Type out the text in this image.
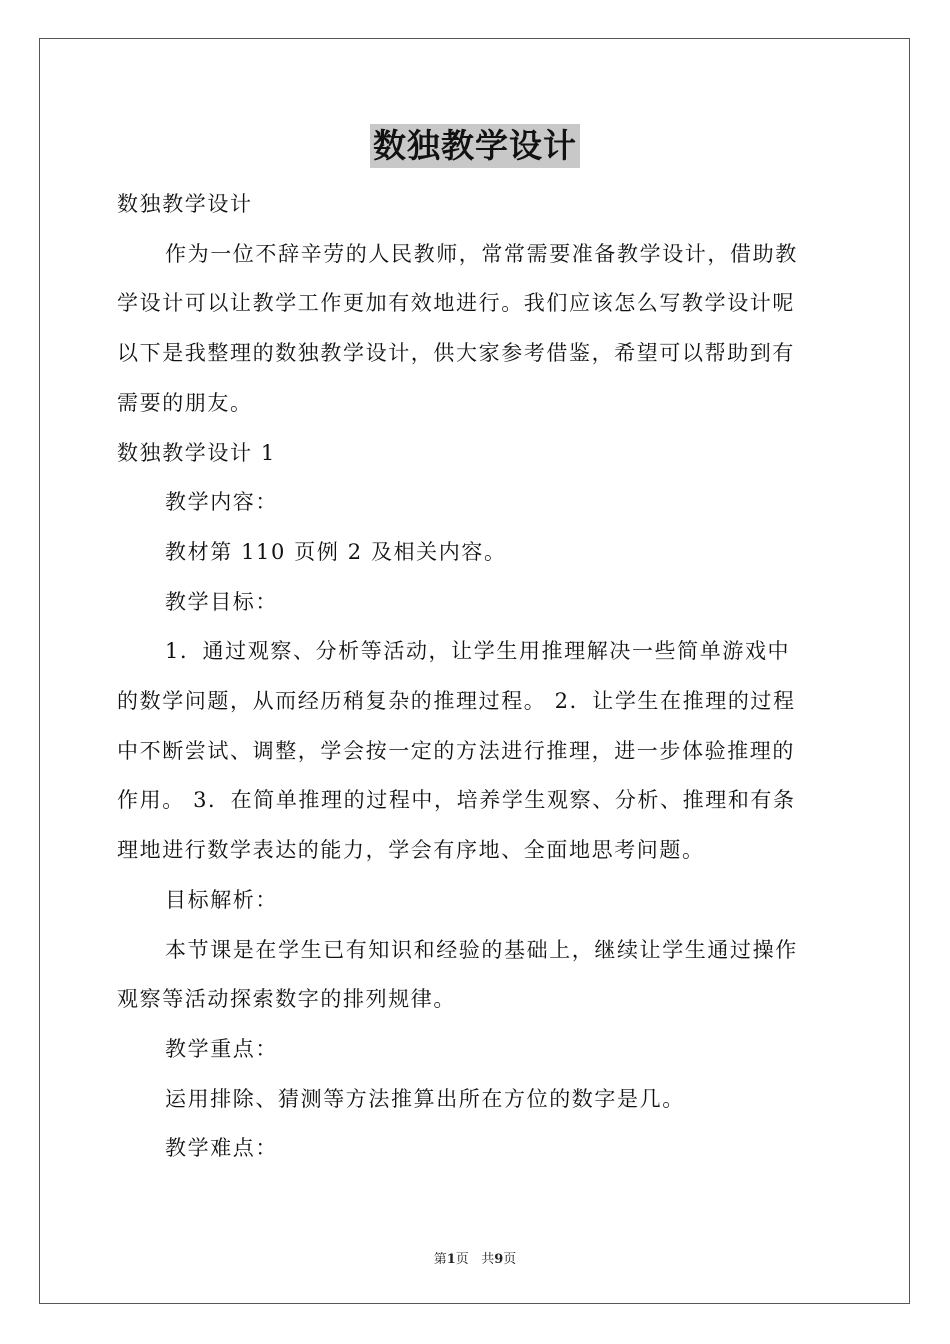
数独教学设计
数独教学设计
作为一位不辞辛劳的人民教师，常常需要准备教学设计，借助教
学设计可以让教学工作更加有效地进行。我们应该怎么写教学设计呢
以下是我整理的数独教学设计，供大家参考借鉴，希望可以帮助到有
需要的朋友。
数独教学设计 1
教学内容：
教材第 110 页例 2 及相关内容。
教学目标：
1．通过观察、分析等活动，让学生用推理解决一些简单游戏中
的数学问题，从而经历稍复杂的推理过程。 2．让学生在推理的过程
中不断尝试、调整，学会按一定的方法进行推理，进一步体验推理的
作用。 3．在简单推理的过程中，培养学生观察、分析、推理和有条
理地进行数学表达的能力，学会有序地、全面地思考问题。
目标解析：
本节课是在学生已有知识和经验的基础上，继续让学生通过操作
观察等活动探索数字的排列规律。
教学重点：
运用排除、猜测等方法推算出所在方位的数字是几。
教学难点：
第1页 共9页
